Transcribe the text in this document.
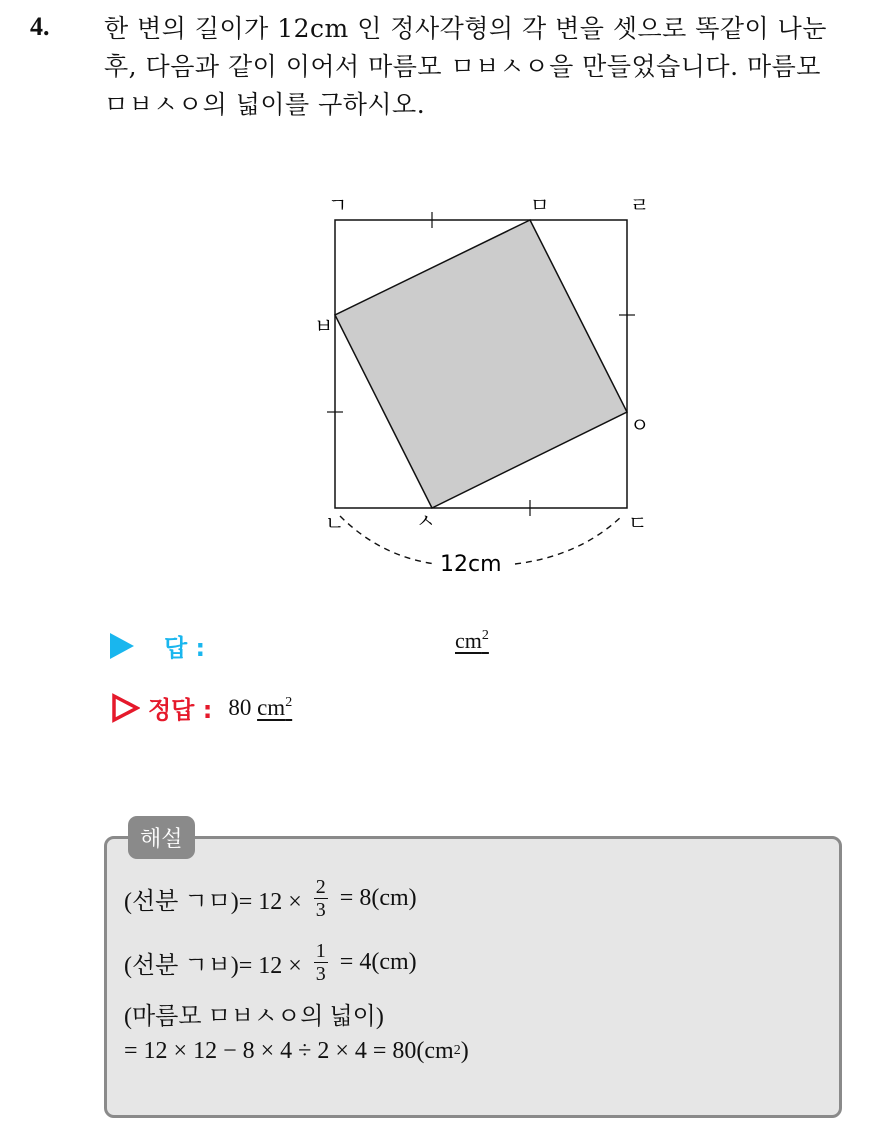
4. 한 변의 길이가 12cm 인 정사각형의 각 변을 셋으로 똑같이 나눈

후, 다음과 같이 이어서 마름모 ㅁㅂㅅㅇ을 만들었습니다. 마름모

ㅁㅂㅅㅇ의 넓이를 구하시오.

12cm
ㄱ	ㅁ	ㄹ
ㅂ
ㅇ
ㄴ	ㅅ	ㄷ
답 :	$cm^2$
정답 : 80 $cm^2$
해설
(선분 ㄱㅁ)= $12 \times \frac{2}{3} = 8(cm)$
(선분 ㄱㅂ)= $12 \times \frac{1}{3} = 4(cm)$
(마름모 ㅁㅂㅅㅇ의 넓이)
= 12 × 12 − 8 × 4 ÷ 2 × 4 = 80(cm 2 )
